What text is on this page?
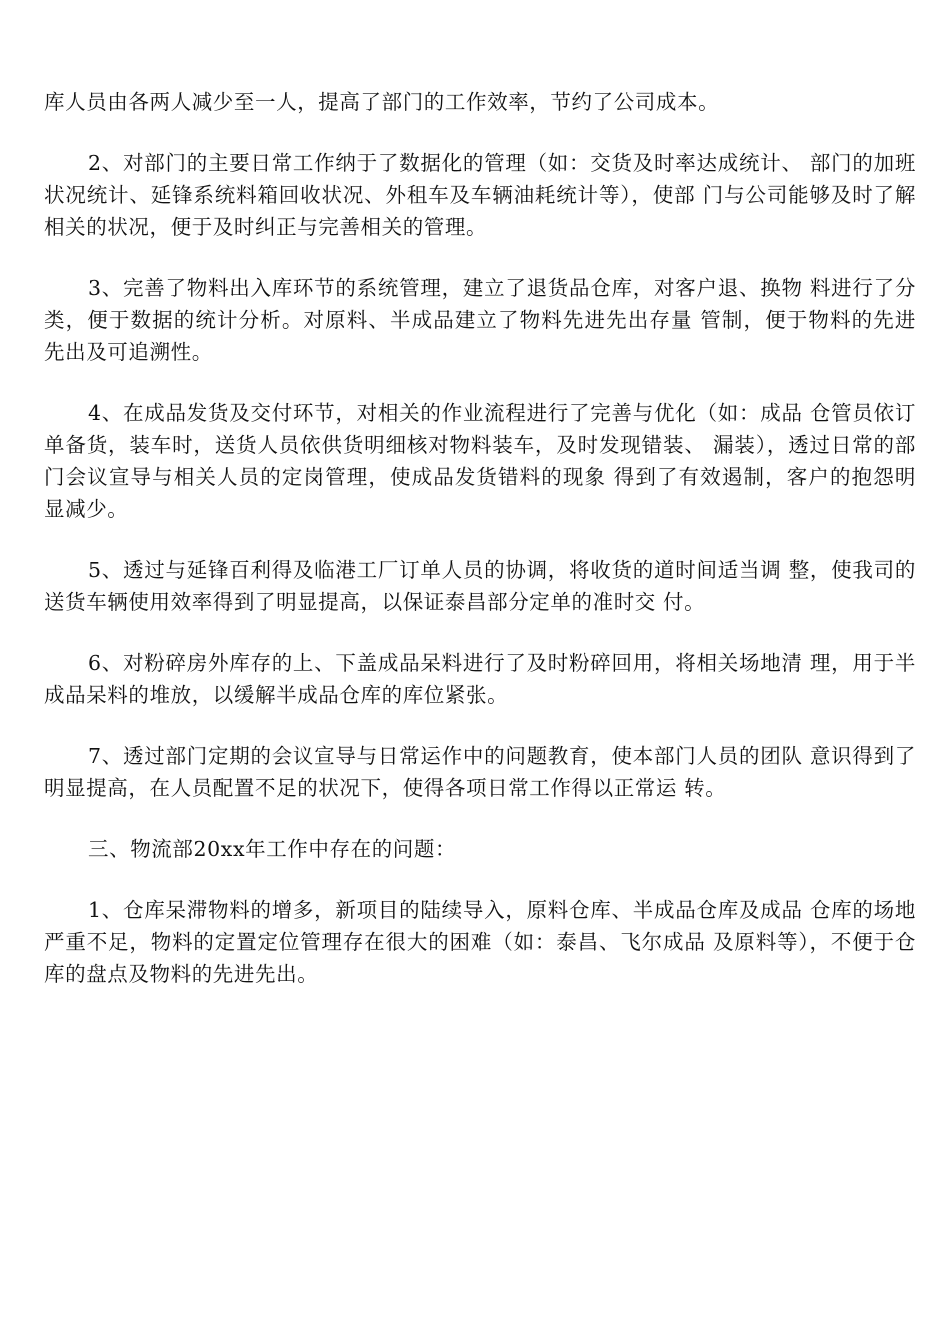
库人员由各两人减少至一人，提高了部门的工作效率，节约了公司成本。

2、对部门的主要日常工作纳于了数据化的管理（如：交货及时率达成统计、 部门的加班状况统计、延锋系统料箱回收状况、外租车及车辆油耗统计等），使部 门与公司能够及时了解相关的状况，便于及时纠正与完善相关的管理。

3、完善了物料出入库环节的系统管理，建立了退货品仓库，对客户退、换物 料进行了分类，便于数据的统计分析。对原料、半成品建立了物料先进先出存量 管制，便于物料的先进先出及可追溯性。

4、在成品发货及交付环节，对相关的作业流程进行了完善与优化（如：成品 仓管员依订单备货，装车时，送货人员依供货明细核对物料装车，及时发现错装、 漏装），透过日常的部门会议宣导与相关人员的定岗管理，使成品发货错料的现象 得到了有效遏制，客户的抱怨明显减少。

5、透过与延锋百利得及临港工厂订单人员的协调，将收货的道时间适当调 整，使我司的送货车辆使用效率得到了明显提高，以保证泰昌部分定单的准时交 付。

6、对粉碎房外库存的上、下盖成品呆料进行了及时粉碎回用，将相关场地清 理，用于半成品呆料的堆放，以缓解半成品仓库的库位紧张。

7、透过部门定期的会议宣导与日常运作中的问题教育，使本部门人员的团队 意识得到了明显提高，在人员配置不足的状况下，使得各项日常工作得以正常运 转。

三、物流部20xx年工作中存在的问题：

1、仓库呆滞物料的增多，新项目的陆续导入，原料仓库、半成品仓库及成品 仓库的场地严重不足，物料的定置定位管理存在很大的困难（如：泰昌、飞尔成品 及原料等），不便于仓库的盘点及物料的先进先出。
